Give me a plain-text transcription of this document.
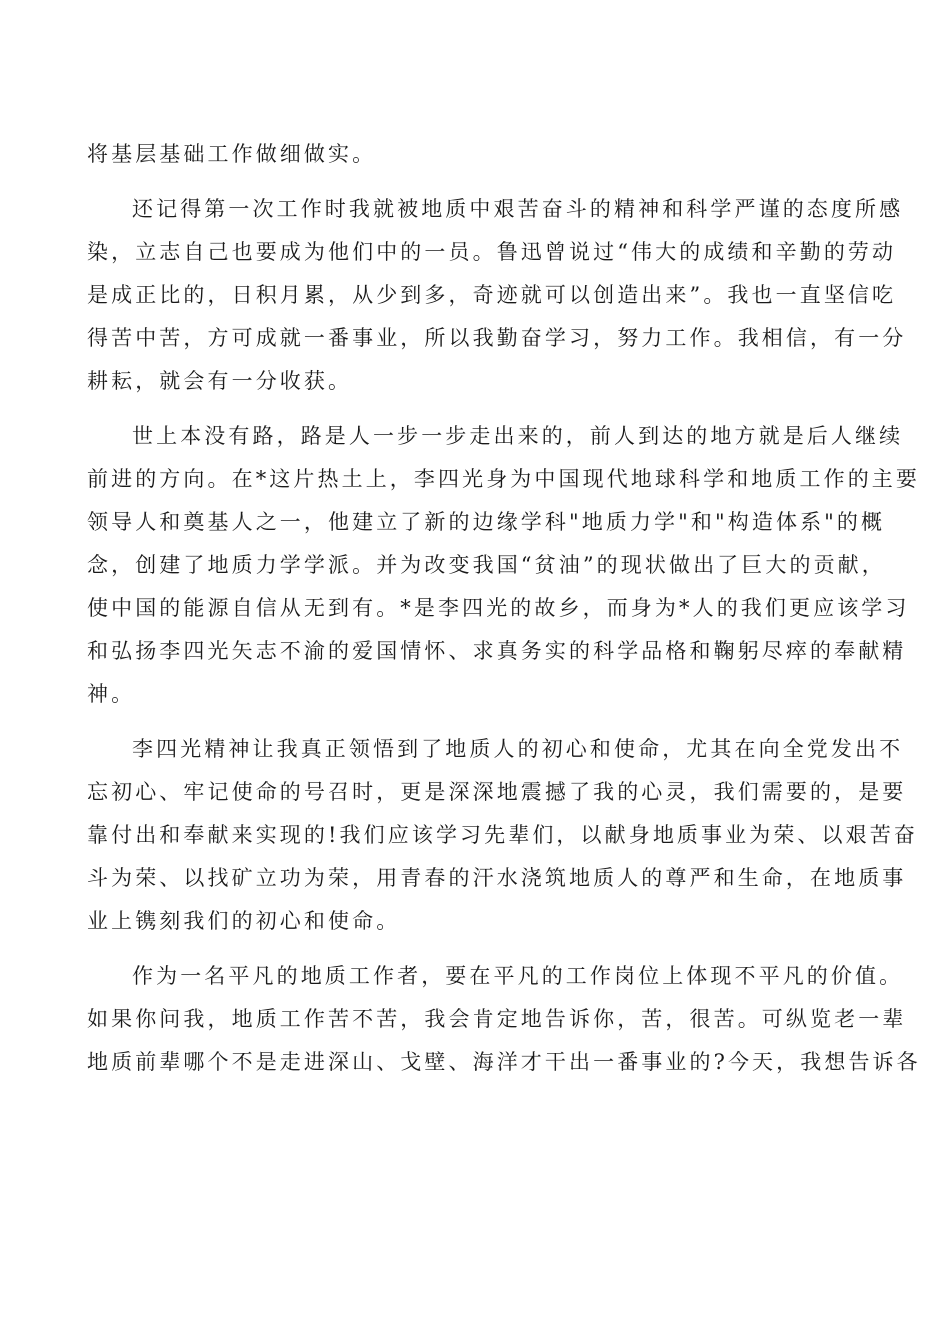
将基层基础工作做细做实。

还记得第一次工作时我就被地质中艰苦奋斗的精神和科学严谨的态度所感
染，立志自己也要成为他们中的一员。鲁迅曾说过“伟大的成绩和辛勤的劳动
是成正比的，日积月累，从少到多，奇迹就可以创造出来”。我也一直坚信吃
得苦中苦，方可成就一番事业，所以我勤奋学习，努力工作。我相信，有一分
耕耘，就会有一分收获。

世上本没有路，路是人一步一步走出来的，前人到达的地方就是后人继续
前进的方向。在*这片热土上，李四光身为中国现代地球科学和地质工作的主要
领导人和奠基人之一，他建立了新的边缘学科"地质力学"和"构造体系"的概
念，创建了地质力学学派。并为改变我国“贫油”的现状做出了巨大的贡献，
使中国的能源自信从无到有。*是李四光的故乡，而身为*人的我们更应该学习
和弘扬李四光矢志不渝的爱国情怀、求真务实的科学品格和鞠躬尽瘁的奉献精
神。

李四光精神让我真正领悟到了地质人的初心和使命，尤其在向全党发出不
忘初心、牢记使命的号召时，更是深深地震撼了我的心灵，我们需要的，是要
靠付出和奉献来实现的!我们应该学习先辈们，以献身地质事业为荣、以艰苦奋
斗为荣、以找矿立功为荣，用青春的汗水浇筑地质人的尊严和生命，在地质事
业上镌刻我们的初心和使命。

作为一名平凡的地质工作者，要在平凡的工作岗位上体现不平凡的价值。
如果你问我，地质工作苦不苦，我会肯定地告诉你，苦，很苦。可纵览老一辈
地质前辈哪个不是走进深山、戈壁、海洋才干出一番事业的?今天，我想告诉各
